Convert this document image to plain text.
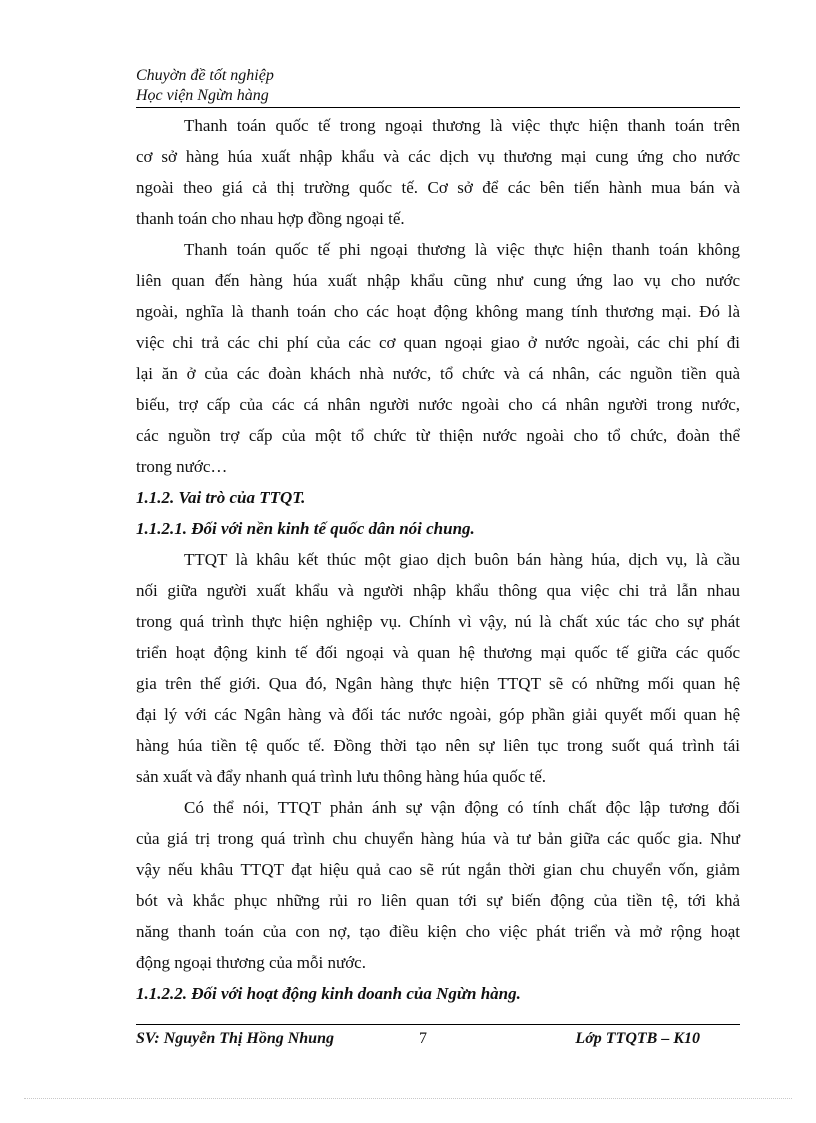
Chuyờn đề tốt nghiệp
Học viện Ngừn hàng

Thanh toán quốc tế trong ngoại thương là việc thực hiện thanh toán trên
cơ sở hàng húa xuất nhập khẩu và các dịch vụ thương mại cung ứng cho nước
ngoài theo giá cả thị trường quốc tế. Cơ sở để các bên tiến hành mua bán và
thanh toán cho nhau hợp đồng ngoại tế.

Thanh toán quốc tế phi ngoại thương là việc thực hiện thanh toán không
liên quan đến hàng húa xuất nhập khẩu cũng như cung ứng lao vụ cho nước
ngoài, nghĩa là thanh toán cho các hoạt động không mang tính thương mại. Đó là
việc chi trả các chi phí của các cơ quan ngoại giao ở nước ngoài, các chi phí đi
lại ăn ở của các đoàn khách nhà nước, tổ chức và cá nhân, các nguồn tiền quà
biếu, trợ cấp của các cá nhân người nước ngoài cho cá nhân người trong nước,
các nguồn trợ cấp của một tổ chức từ thiện nước ngoài cho tổ chức, đoàn thể
trong nước…

1.1.2. Vai trò của TTQT.

1.1.2.1. Đối với nền kinh tế quốc dân nói chung.

TTQT là khâu kết thúc một giao dịch buôn bán hàng húa, dịch vụ, là cầu
nối giữa người xuất khẩu và người nhập khẩu thông qua việc chi trả lẫn nhau
trong quá trình thực hiện nghiệp vụ. Chính vì vậy, nú là chất xúc tác cho sự phát
triển hoạt động kinh tế đối ngoại và quan hệ thương mại quốc tế giữa các quốc
gia trên thế giới. Qua đó, Ngân hàng thực hiện TTQT sẽ có những mối quan hệ
đại lý với các Ngân hàng và đối tác nước ngoài, góp phần giải quyết mối quan hệ
hàng húa tiền tệ quốc tế. Đồng thời tạo nên sự liên tục trong suốt quá trình tái
sản xuất và đẩy nhanh quá trình lưu thông hàng húa quốc tế.

Có thể nói, TTQT phản ánh sự vận động có tính chất độc lập tương đối
của giá trị trong quá trình chu chuyển hàng húa và tư bản giữa các quốc gia. Như
vậy nếu khâu TTQT đạt hiệu quả cao sẽ rút ngắn thời gian chu chuyển vốn, giảm
bót và khắc phục những rủi ro liên quan tới sự biến động của tiền tệ, tới khả
năng thanh toán của con nợ, tạo điều kiện cho việc phát triển và mở rộng hoạt
động ngoại thương của mỗi nước.

1.1.2.2. Đối với hoạt động kinh doanh của Ngừn hàng.

SV: Nguyễn Thị Hồng Nhung	7	Lớp TTQTB – K10
